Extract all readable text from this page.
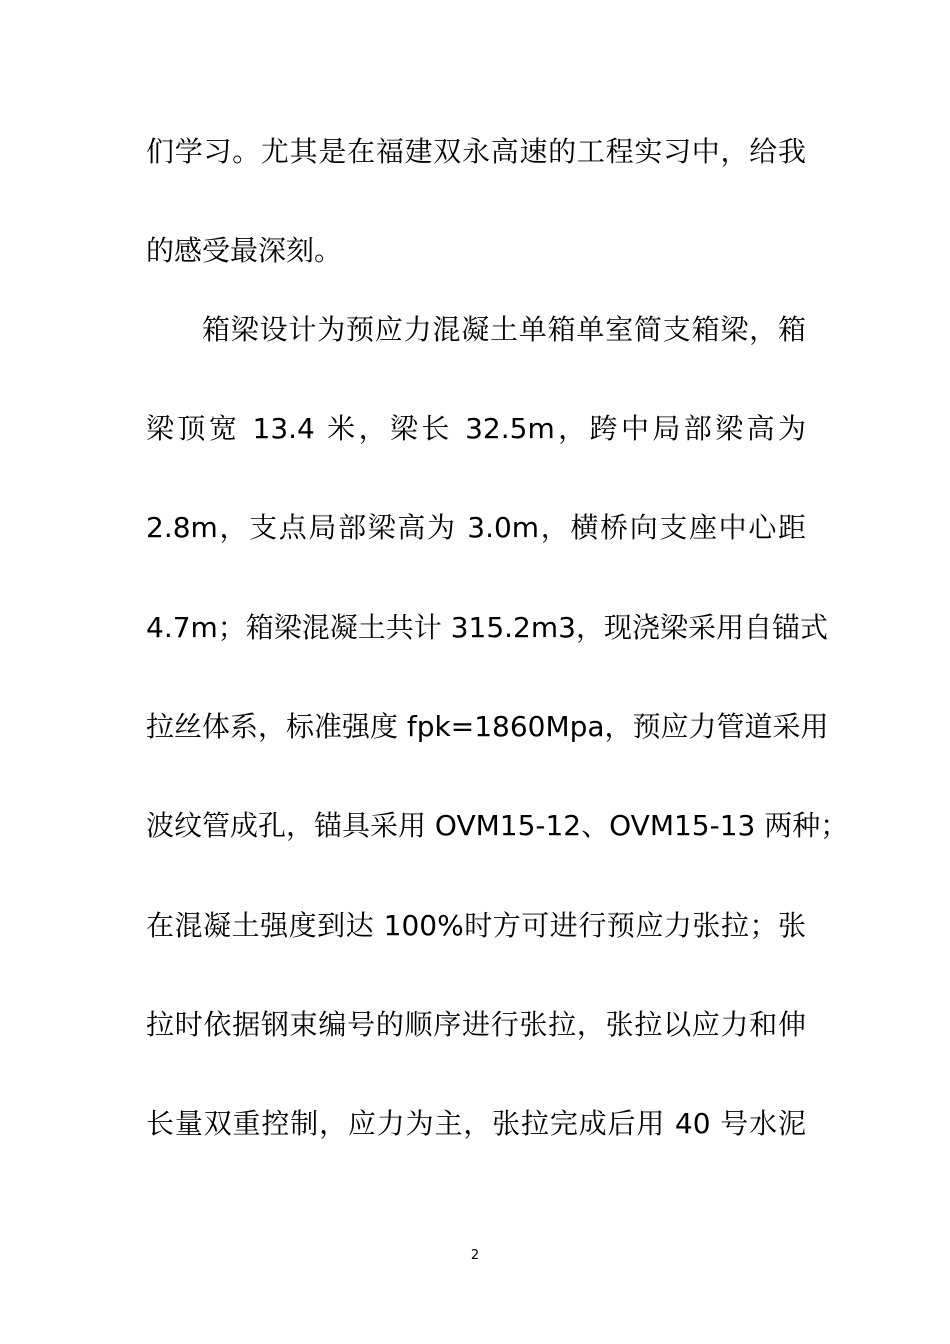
们学习。尤其是在福建双永高速的工程实习中，给我
的感受最深刻。
箱梁设计为预应力混凝土单箱单室简支箱梁，箱
梁顶宽 13.4 米，梁长 32.5m，跨中局部梁高为
2.8m，支点局部梁高为 3.0m，横桥向支座中心距
4.7m；箱梁混凝土共计 315.2m3，现浇梁采用自锚式
拉丝体系，标准强度 fpk=1860Mpa，预应力管道采用
波纹管成孔，锚具采用 OVM15-12、OVM15-13 两种；
在混凝土强度到达 100%时方可进行预应力张拉；张
拉时依据钢束编号的顺序进行张拉，张拉以应力和伸
长量双重控制，应力为主，张拉完成后用 40 号水泥
2
